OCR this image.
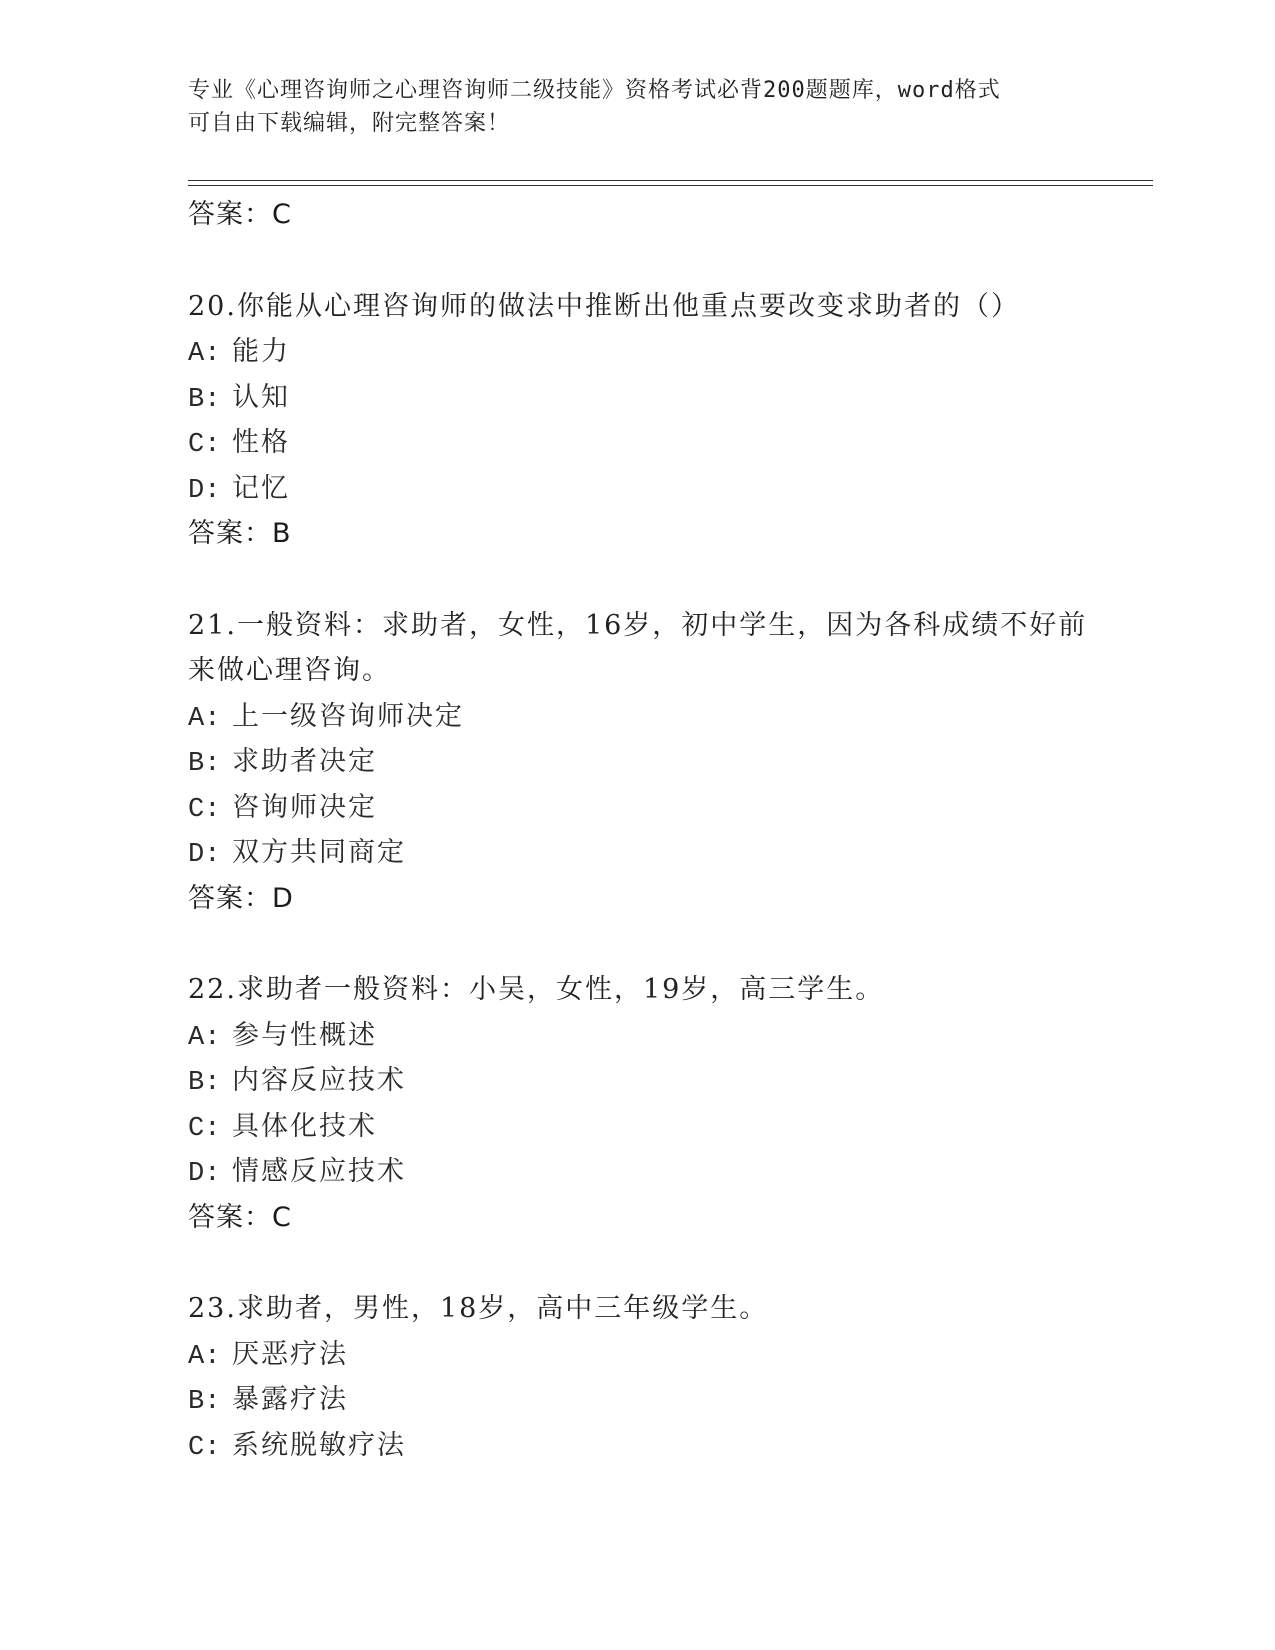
专业《心理咨询师之心理咨询师二级技能》资格考试必背200题题库，word格式
可自由下载编辑，附完整答案！
答案：C
20.你能从心理咨询师的做法中推断出他重点要改变求助者的（）
A: 能力
B: 认知
C: 性格
D: 记忆
答案：B
21.一般资料：求助者，女性，16岁，初中学生，因为各科成绩不好前
来做心理咨询。
A: 上一级咨询师决定
B: 求助者决定
C: 咨询师决定
D: 双方共同商定
答案：D
22.求助者一般资料：小吴，女性，19岁，高三学生。
A: 参与性概述
B: 内容反应技术
C: 具体化技术
D: 情感反应技术
答案：C
23.求助者，男性，18岁，高中三年级学生。
A: 厌恶疗法
B: 暴露疗法
C: 系统脱敏疗法
